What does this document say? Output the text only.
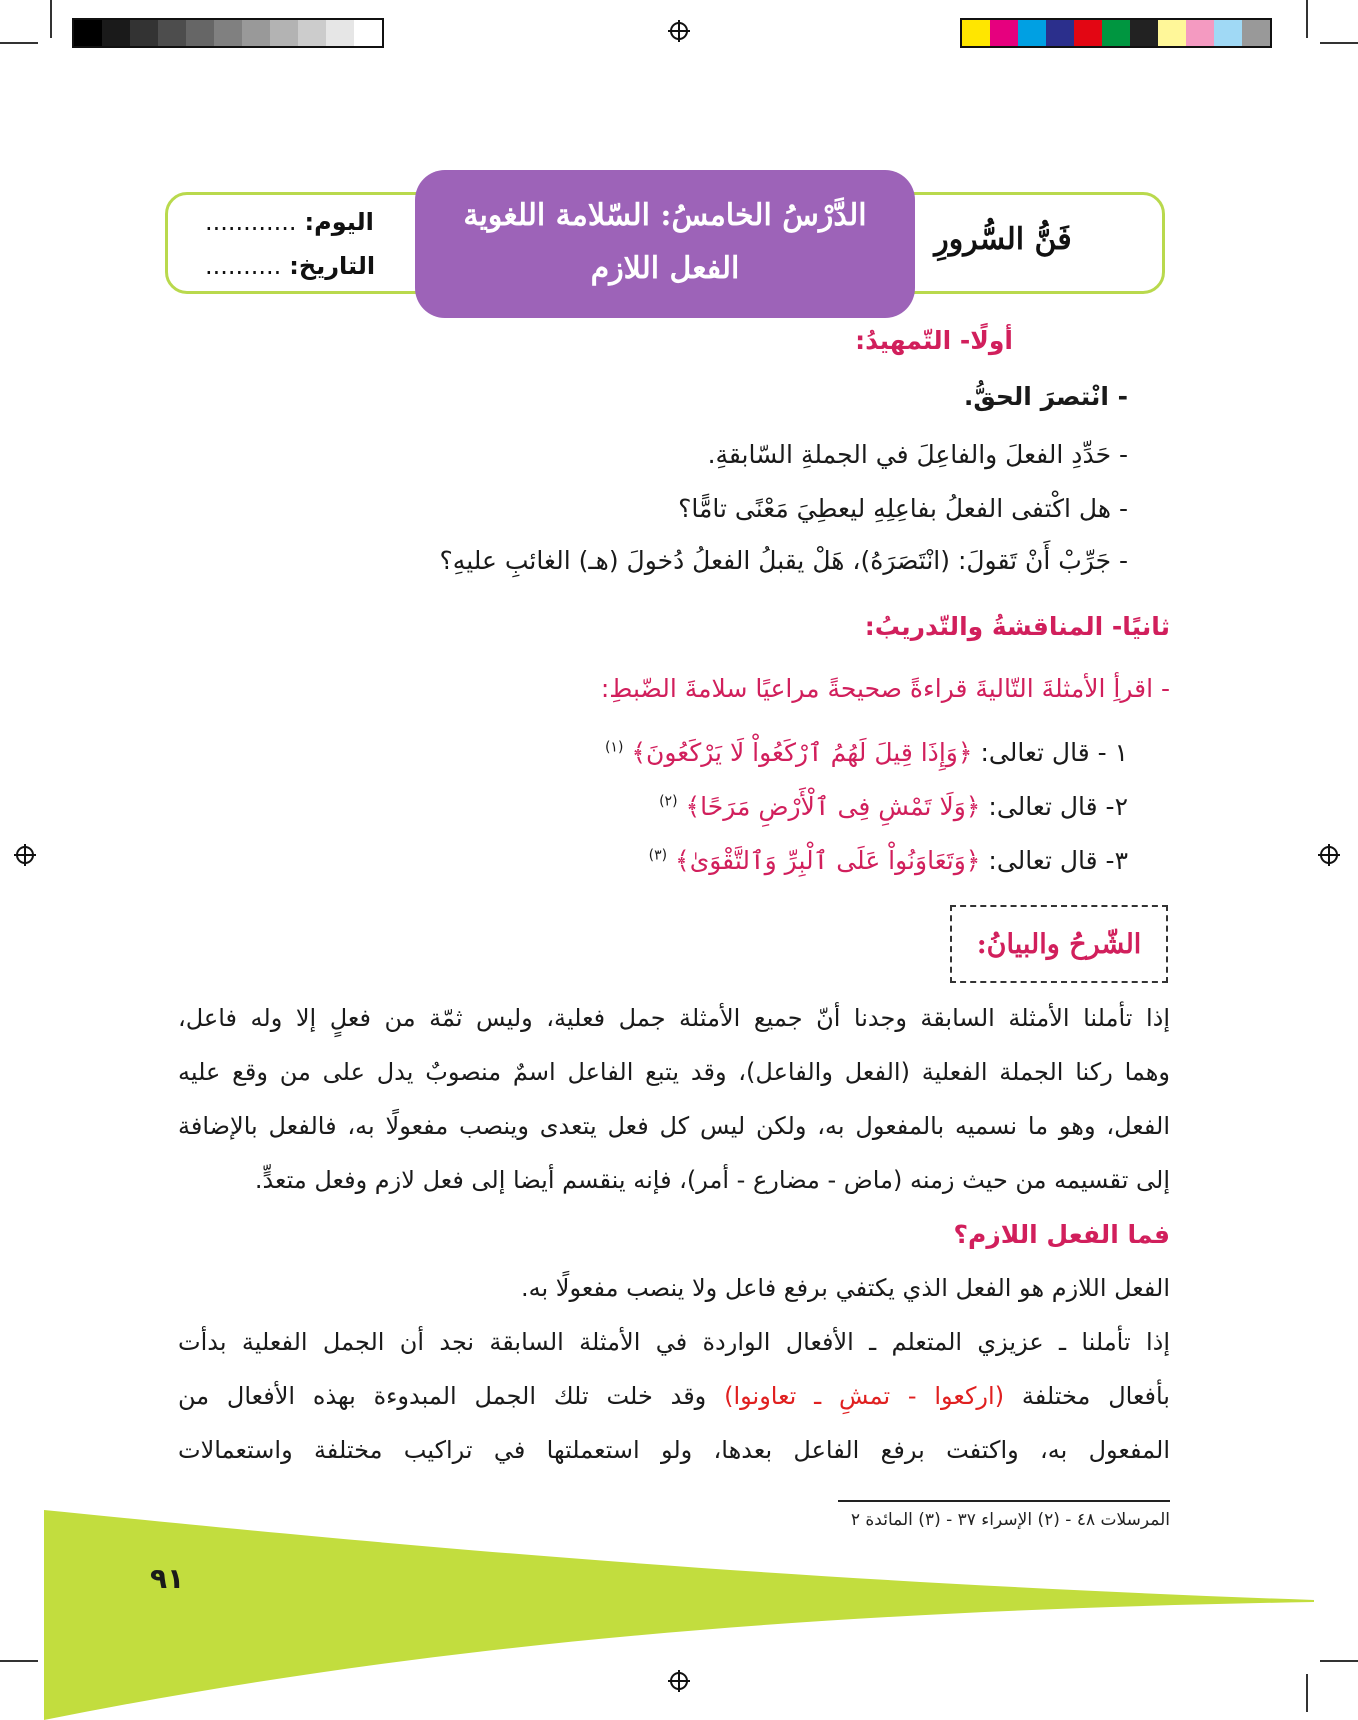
فَنُّ السُّرورِ
الدَّرْسُ الخامسُ: السّلامة اللغوية
الفعل اللازم
اليوم:............
التاريخ:..........
أولًا- التّمهيدُ:
- انْتصرَ الحقُّ.
- حَدِّدِ الفعلَ والفاعِلَ في الجملةِ السّابقةِ.
- هل اكْتفى الفعلُ بفاعِلِهِ ليعطِيَ مَعْنًى تامًّا؟
- جَرِّبْ أَنْ تَقولَ: (انْتَصَرَهُ)، هَلْ يقبلُ الفعلُ دُخولَ (هـ) الغائبِ عليهِ؟
ثانيًا- المناقشةُ والتّدريبُ:
- اقرأِ الأمثلةَ التّاليةَ قراءةً صحيحةً مراعيًا سلامةَ الضّبطِ:
١ - قال تعالى: ﴿وَإِذَا قِيلَ لَهُمُ ٱرْكَعُواْ لَا يَرْكَعُونَ﴾ $^{(١)}$
٢- قال تعالى: ﴿وَلَا تَمْشِ فِى ٱلْأَرْضِ مَرَحًا﴾ $^{(٢)}$
٣- قال تعالى: ﴿وَتَعَاوَنُواْ عَلَى ٱلْبِرِّ وَٱلتَّقْوَىٰ﴾ $^{(٣)}$
الشّرحُ والبيانُ:
إذا تأملنا الأمثلة السابقة وجدنا أنّ جميع الأمثلة جمل فعلية، وليس ثمّة من فعلٍ إلا وله فاعل،
وهما ركنا الجملة الفعلية (الفعل والفاعل)، وقد يتبع الفاعل اسمٌ منصوبٌ يدل على من وقع عليه
الفعل، وهو ما نسميه بالمفعول به، ولكن ليس كل فعل يتعدى وينصب مفعولًا به، فالفعل بالإضافة
إلى تقسيمه من حيث زمنه (ماض - مضارع - أمر)، فإنه ينقسم أيضا إلى فعل لازم وفعل متعدٍّ.
فما الفعل اللازم؟
الفعل اللازم هو الفعل الذي يكتفي برفع فاعل ولا ينصب مفعولًا به.
إذا تأملنا ـ عزيزي المتعلم ـ الأفعال الواردة في الأمثلة السابقة نجد أن الجمل الفعلية بدأت
بأفعال مختلفة (اركعوا - تمشِ ـ تعاونوا) وقد خلت تلك الجمل المبدوءة بهذه الأفعال من
المفعول به، واكتفت برفع الفاعل بعدها، ولو استعملتها في تراكيب مختلفة واستعمالات
المرسلات ٤٨ - (٢) الإسراء ٣٧ - (٣) المائدة ٢
٩١
